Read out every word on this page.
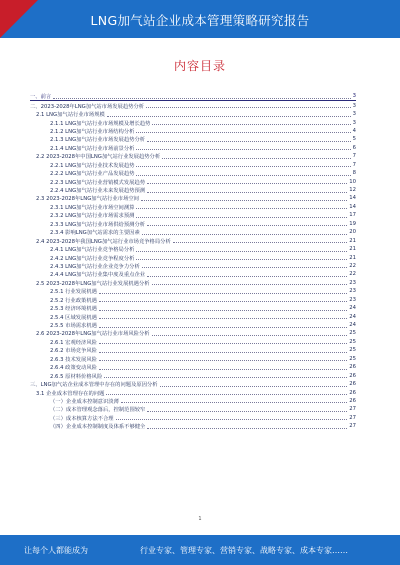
LNG加气站企业成本管理策略研究报告
内容目录
一、前言	3
二、2023-2028年LNG加气站市场发展趋势分析	3
2.1 LNG加气站行业市场规模	3
2.1.1 LNG加气站行业市场规模及增长趋势	3
2.1.2 LNG加气站行业市场结构分析	4
2.1.3 LNG加气站行业市场发展趋势分析	5
2.1.4 LNG加气站行业市场前景分析	6
2.2 2023-2028年中国LNG加气站行业发展趋势分析	7
2.2.1 LNG加气站行业技术发展趋势	7
2.2.2 LNG加气站行业产品发展趋势	8
2.2.3 LNG加气站行业营销模式发展趋势	10
2.2.4 LNG加气站行业未来发展趋势预测	12
2.3 2023-2028年LNG加气站行业市场空间	14
2.3.1 LNG加气站行业市场空间测算	14
2.3.2 LNG加气站行业市场需求预测	17
2.3.3 LNG加气站行业市场供给预测分析	19
2.3.4 影响LNG加气站需求的主要因素	20
2.4 2023-2028年我国LNG加气站行业市场竞争格局分析	21
2.4.1 LNG加气站行业竞争格局分析	21
2.4.2 LNG加气站行业竞争程度分析	21
2.4.3 LNG加气站行业企业竞争力分析	22
2.4.4 LNG加气站行业集中度及重点企业	22
2.5 2023-2028年LNG加气站行业发展机遇分析	23
2.5.1 行业发展机遇	23
2.5.2 行业政策机遇	23
2.5.3 经济环境机遇	24
2.5.4 区域发展机遇	24
2.5.5 市场需求机遇	24
2.6 2023-2028年LNG加气站行业市场风险分析	25
2.6.1 宏观经济风险	25
2.6.2 市场竞争风险	25
2.6.3 技术发展风险	25
2.6.4 政策变动风险	26
2.6.5 原材料价格风险	26
三、LNG加气站企业成本管理中存在的问题及原因分析	26
3.1 企业成本管理存在的问题	26
（一）企业成本控制意识淡薄	26
（二）成本管理观念落后，控制范围较窄	27
（三）成本核算方法不合理	27
（四）企业成本控制制度及体系不够健全	27
1
让每个人都能成为	行业专家、管理专家、营销专家、战略专家、成本专家……
